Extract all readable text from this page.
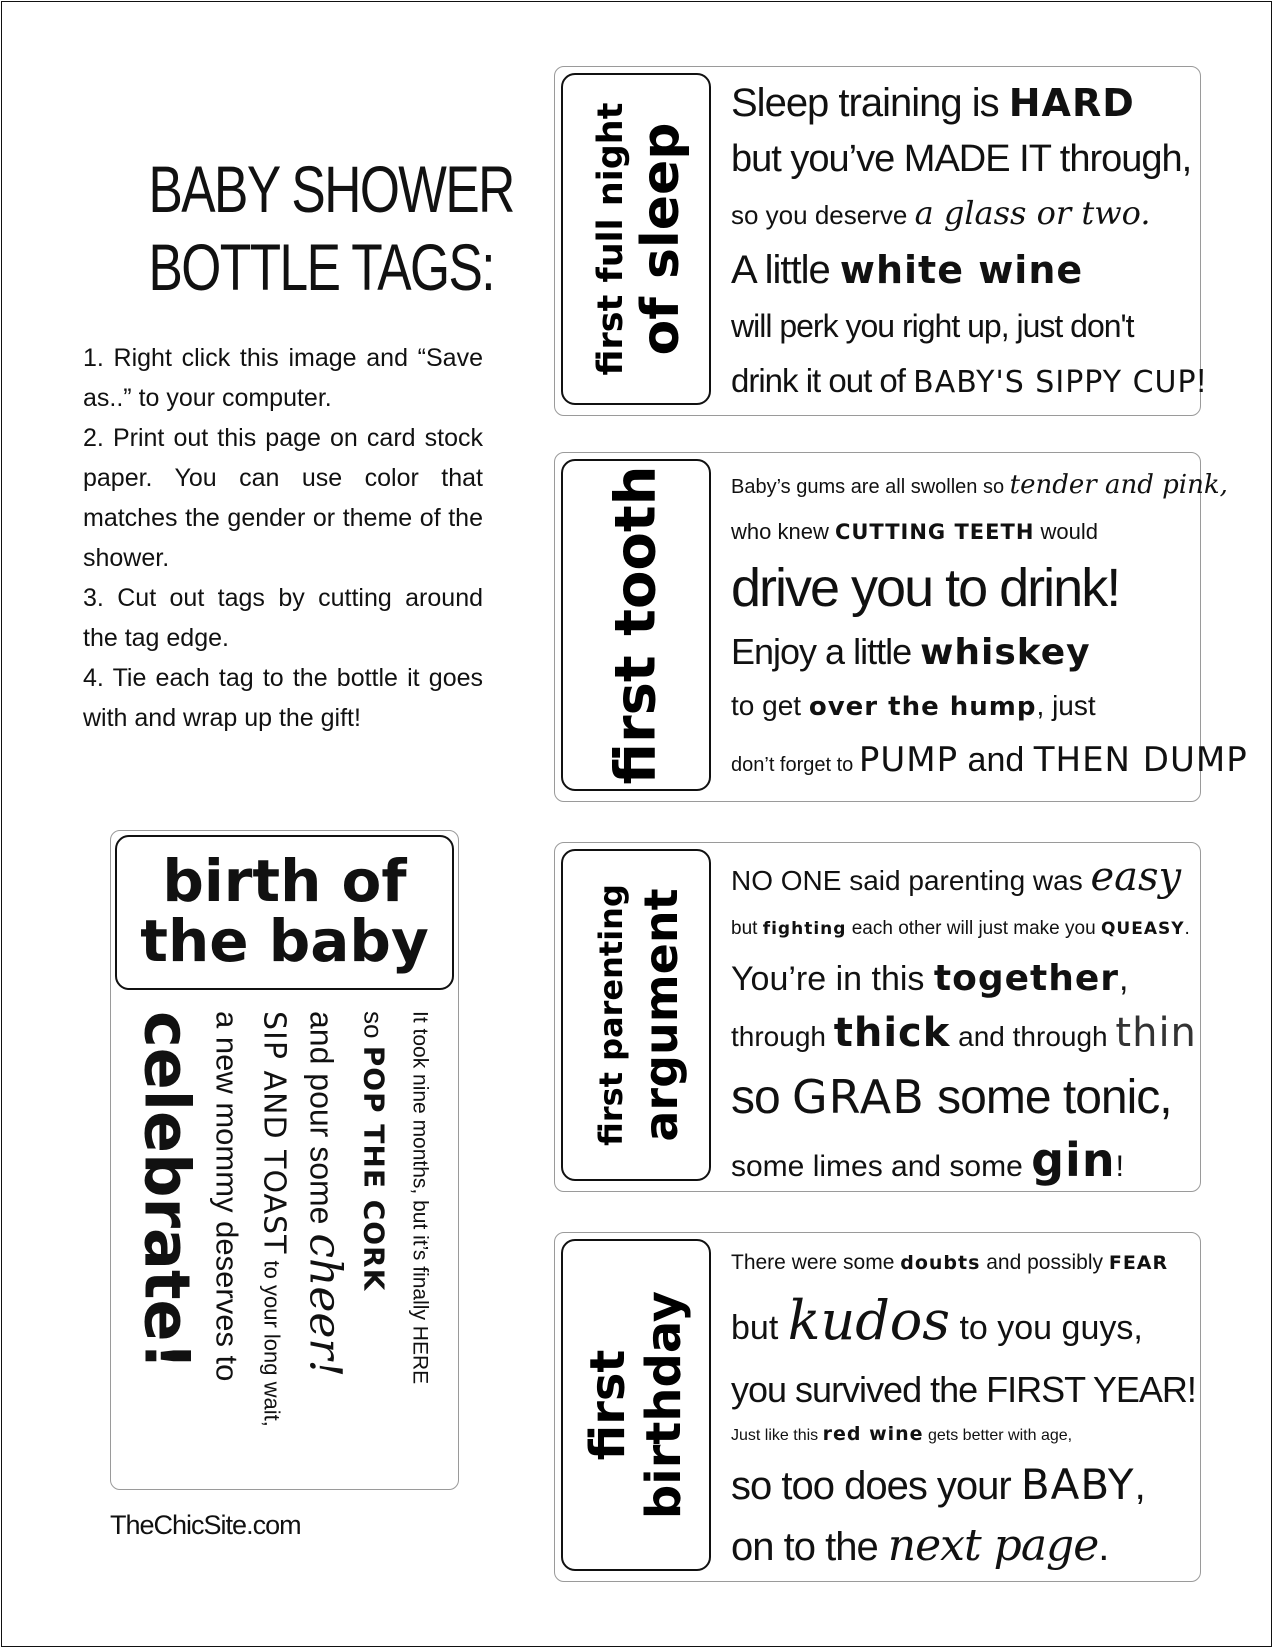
BABY SHOWER
BOTTLE TAGS:
1. Right click this image and “Save as..” to your computer.
2. Print out this page on card stock paper. You can use color that matches the gender or theme of the shower.
3. Cut out tags by cutting around the tag edge.
4. Tie each tag to the bottle it goes with and wrap up the gift!
first full night of sleep
Sleep training is HARD
but you’ve MADE IT through,
so you deserve a glass or two.
A little white wine
will perk you right up, just don't
drink it out of BABY'S SIPPY CUP!
first tooth	Baby’s gums are all swollen so tender and pink,
who knew CUTTING TEETH would
drive you to drink!
Enjoy a little whiskey
to get over the hump, just
don’t forget to PUMP and THEN DUMP
first parenting argument
NO ONE said parenting was easy
but fighting each other will just make you QUEASY.
You’re in this together,
through thick and through thin
so GRAB some tonic,
some limes and some gin!
first birthday
There were some doubts and possibly FEAR
but kudos to you guys,
you survived the FIRST YEAR!
Just like this red wine gets better with age,
so too does your BABY,
on to the next page.
birth of
the baby
It took nine months, but it’s finally HERE
so POP THE CORK
and pour some cheer!
SIP AND TOAST to your long wait,
a new mommy deserves to
celebrate!
TheChicSite.com
